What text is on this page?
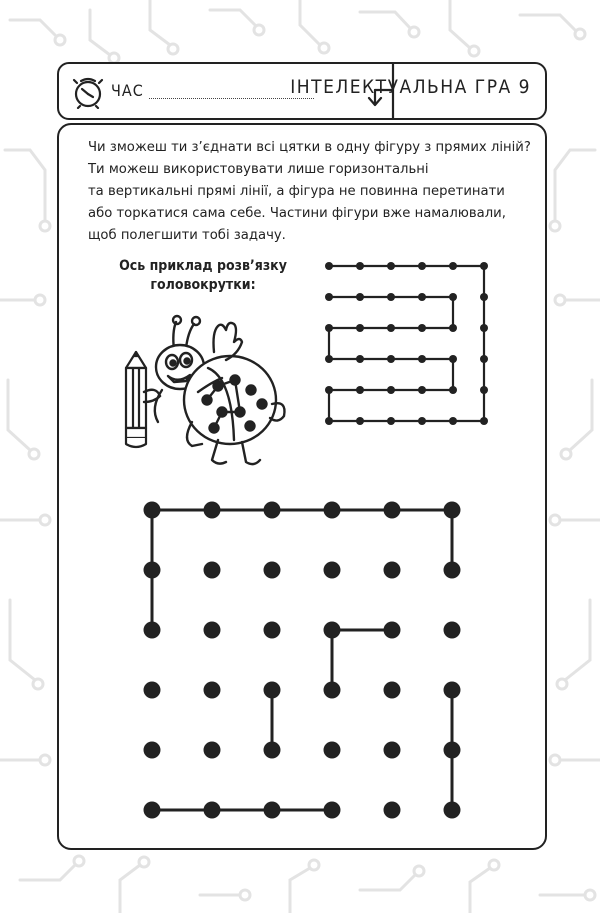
ЧАС	ІНТЕЛЕКТУАЛЬНА ГРА 9
Чи зможеш ти з’єднати всі цятки в одну фігуру з прямих ліній?
Ти можеш використовувати лише горизонтальні
та вертикальні прямі лінії, а фігура не повинна перетинати
або торкатися сама себе. Частини фігури вже намалювали,
щоб полегшити тобі задачу.
Ось приклад розв’язку
головокрутки:
